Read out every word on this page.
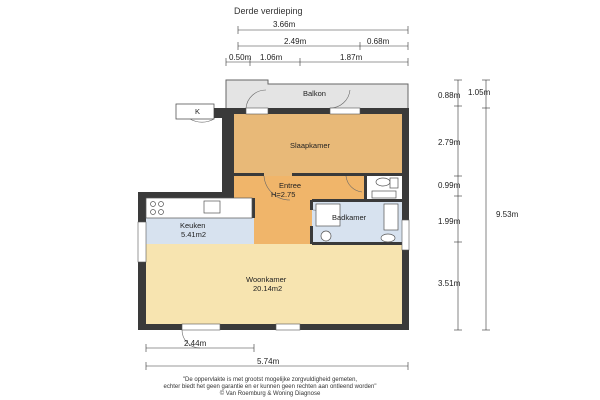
Derde verdieping
3.66m
2.49m	0.68m
0.50m 1.06m	1.87m
Balkon
K
Slaapkamer
Entree
H=2.75
Badkamer
Keuken
5.41m2
Woonkamer
20.14m2
0.88m
2.79m
0.99m
1.99m
3.51m
1.05m
9.53m
2.44m
5.74m
"De oppervlakte is met grootst mogelijke zorgvuldigheid gemeten,
echter biedt het geen garantie en er kunnen geen rechten aan ontleend worden"
© Van Roemburg & Woning Diagnose
